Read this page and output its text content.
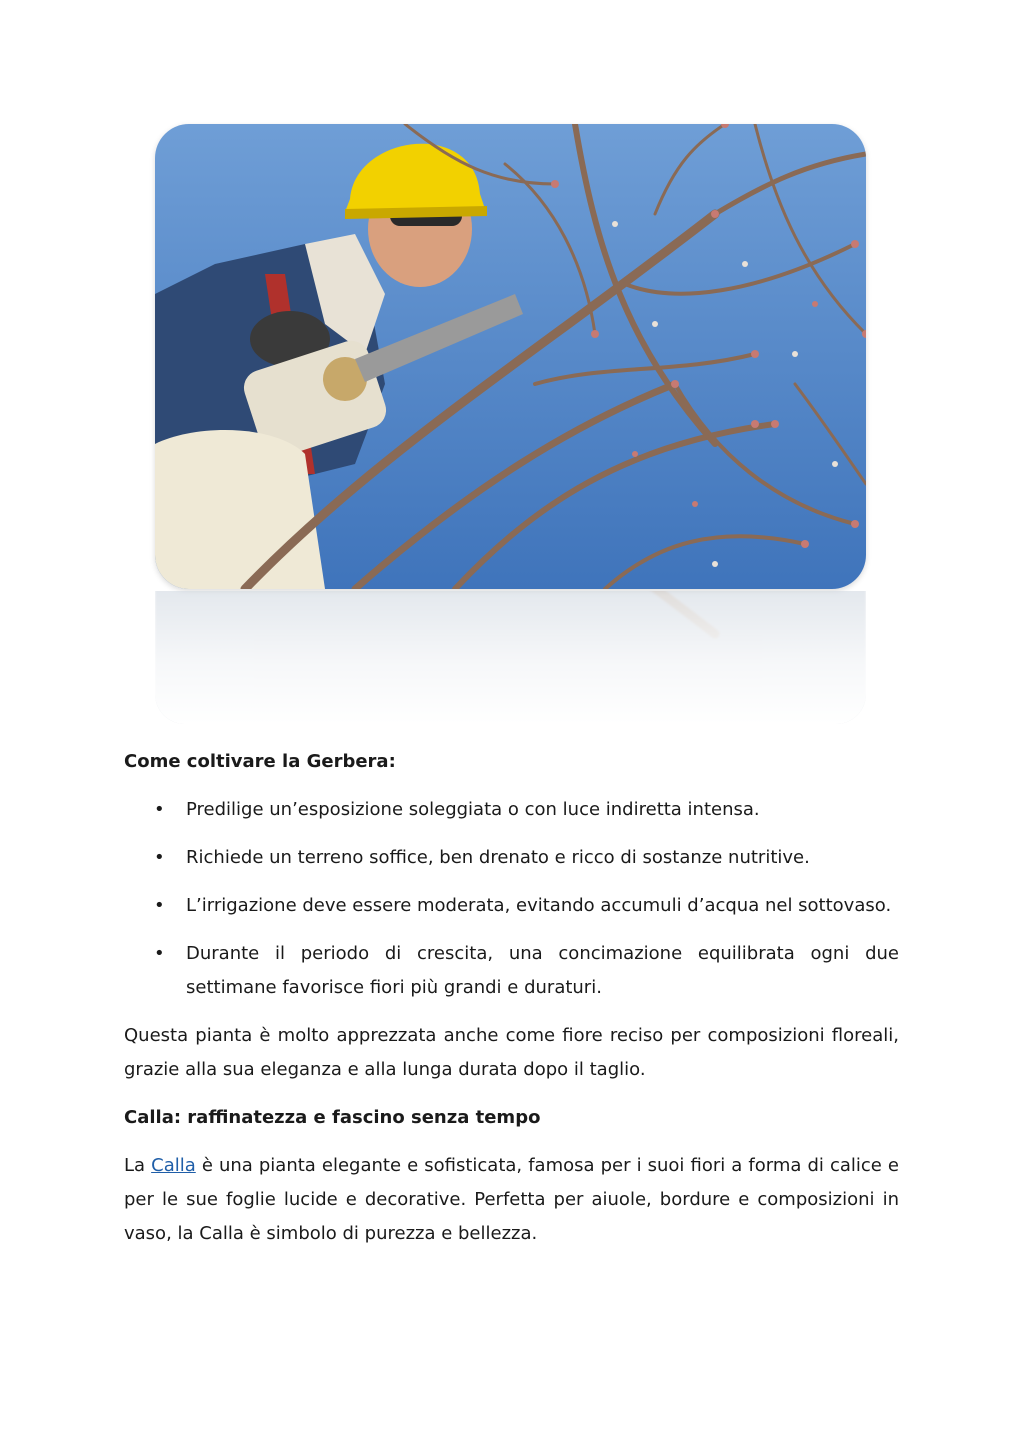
Come coltivare la Gerbera:
• Predilige un’esposizione soleggiata o con luce indiretta intensa.
• Richiede un terreno soffice, ben drenato e ricco di sostanze nutritive.
• L’irrigazione deve essere moderata, evitando accumuli d’acqua nel sottovaso.
• Durante il periodo di crescita, una concimazione equilibrata ogni due settimane favorisce fiori più grandi e duraturi.

Questa pianta è molto apprezzata anche come fiore reciso per composizioni floreali, grazie alla sua eleganza e alla lunga durata dopo il taglio.

Calla: raffinatezza e fascino senza tempo

La Calla è una pianta elegante e sofisticata, famosa per i suoi fiori a forma di calice e per le sue foglie lucide e decorative. Perfetta per aiuole, bordure e composizioni in vaso, la Calla è simbolo di purezza e bellezza.
